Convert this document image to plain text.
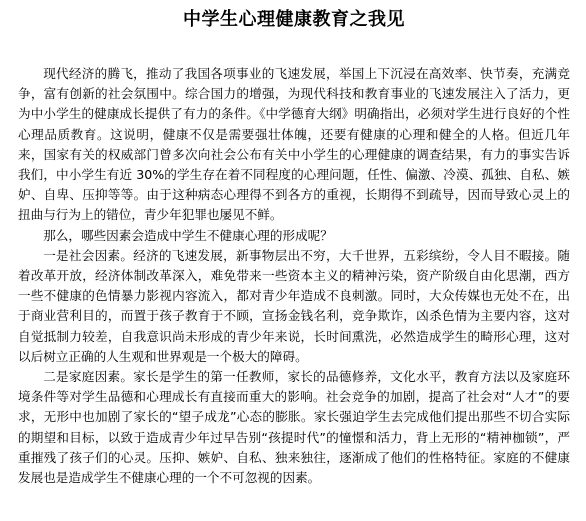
中学生心理健康教育之我见

现代经济的腾飞，推动了我国各项事业的飞速发展，举国上下沉浸在高效率、快节奏，充满竞争，富有创新的社会氛围中。综合国力的增强，为现代科技和教育事业的飞速发展注入了活力，更为中小学生的健康成长提供了有力的条件。《中学德育大纲》明确指出，必须对学生进行良好的个性心理品质教育。这说明，健康不仅是需要强壮体魄，还要有健康的心理和健全的人格。但近几年来，国家有关的权威部门曾多次向社会公布有关中小学生的心理健康的调查结果，有力的事实告诉我们，中小学生有近 30%的学生存在着不同程度的心理问题，任性、偏激、冷漠、孤独、自私、嫉妒、自卑、压抑等等。由于这种病态心理得不到各方的重视，长期得不到疏导，因而导致心灵上的扭曲与行为上的错位，青少年犯罪也屡见不鲜。

那么，哪些因素会造成中学生不健康心理的形成呢？

一是社会因素。经济的飞速发展，新事物层出不穷，大千世界，五彩缤纷，令人目不暇接。随着改革开放，经济体制改革深入，难免带来一些资本主义的精神污染，资产阶级自由化思潮，西方一些不健康的色情暴力影视内容流入，都对青少年造成不良刺激。同时，大众传媒也无处不在，出于商业营利目的，而置于孩子教育于不顾，宣扬金钱名利，竞争欺诈，凶杀色情为主要内容，这对自觉抵制力较差，自我意识尚未形成的青少年来说，长时间熏洗，必然造成学生的畸形心理，这对以后树立正确的人生观和世界观是一个极大的障碍。

二是家庭因素。家长是学生的第一任教师，家长的品德修养，文化水平，教育方法以及家庭环境条件等对学生品德和心理成长有直接而重大的影响。社会竞争的加剧，提高了社会对“人才”的要求，无形中也加剧了家长的“望子成龙”心态的膨胀。家长强迫学生去完成他们提出那些不切合实际的期望和目标，以致于造成青少年过早告别“孩提时代”的憧憬和活力，背上无形的“精神枷锁”，严重摧残了孩子们的心灵。压抑、嫉妒、自私、独来独往，逐渐成了他们的性格特征。家庭的不健康发展也是造成学生不健康心理的一个不可忽视的因素。
